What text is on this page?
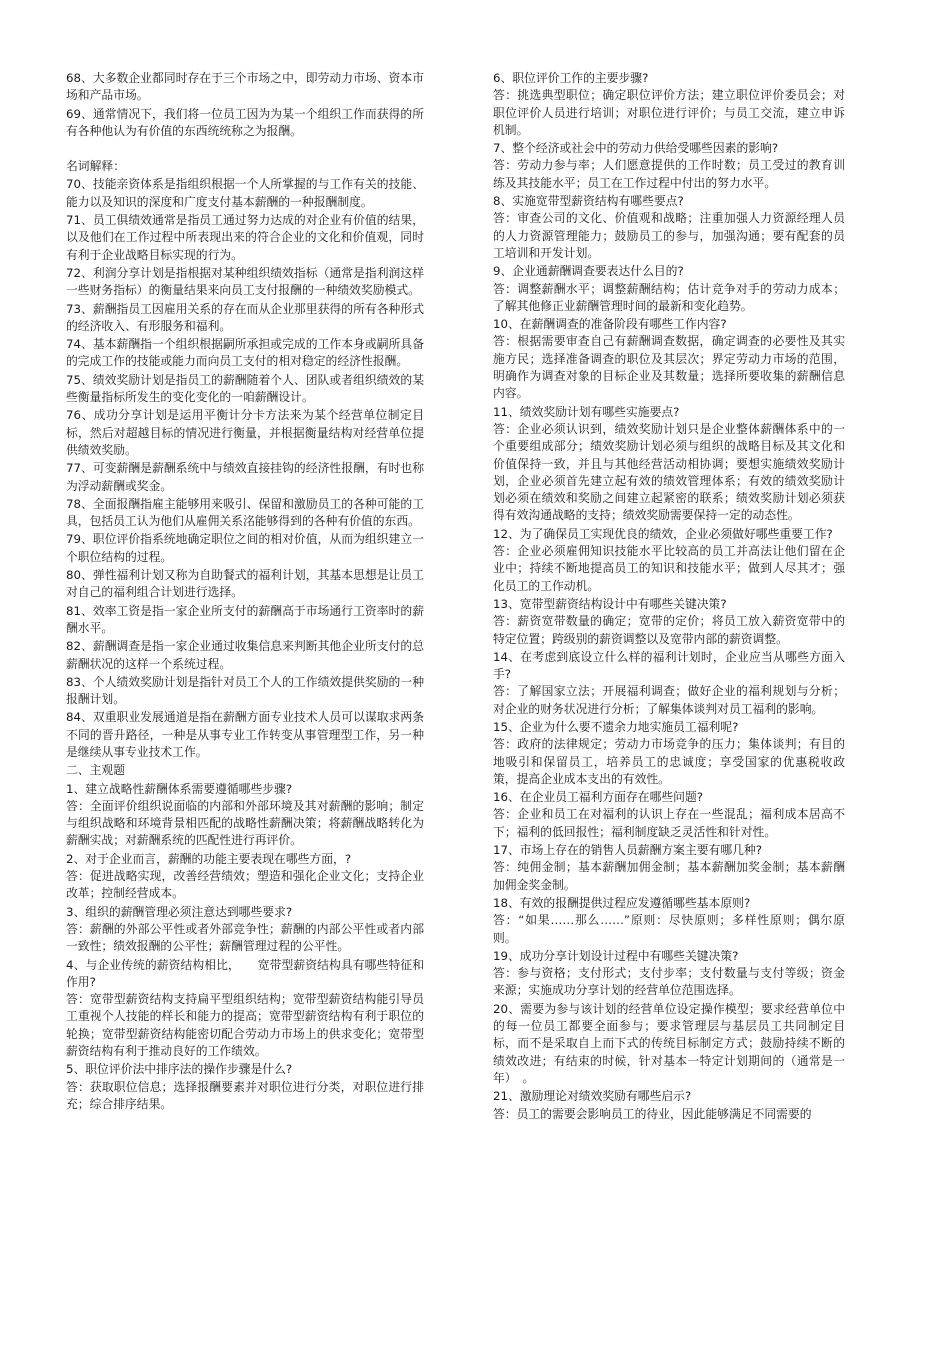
68、大多数企业都同时存在于三个市场之中，即劳动力市场、资本市场和产品市场。

69、通常情况下，我们将一位员工因为为某一个组织工作而获得的所有各种他认为有价值的东西统统称之为报酬。

名词解释：

70、技能亲资体系是指组织根据一个人所掌握的与工作有关的技能、能力以及知识的深度和广度支付基本薪酬的一种报酬制度。

71、员工俱绩效通常是指员工通过努力达成的对企业有价值的结果，以及他们在工作过程中所表现出来的符合企业的文化和价值观，同时有利于企业战略目标实现的行为。

72、利润分享计划是指根据对某种组织绩效指标（通常是指利润这样一些财务指标）的衡量结果来向员工支付报酬的一种绩效奖励模式。

73、薪酬指员工因雇用关系的存在而从企业那里获得的所有各种形式的经济收入、有形服务和福利。

74、基本薪酬指一个组织根据嗣所承担或完成的工作本身或嗣所具备的完成工作的技能或能力而向员工支付的相对稳定的经济性报酬。

75、绩效奖励计划是指员工的薪酬随着个人、团队或者组织绩效的某些衡量指标所发生的变化变化的一咱薪酬设计。

76、成功分享计划是运用平衡计分卡方法来为某个经营单位制定目标，然后对超越目标的情况进行衡量，并根据衡量结构对经营单位提供绩效奖励。

77、可变薪酬是薪酬系统中与绩效直接挂钩的经济性报酬，有时也称为浮动薪酬或奖金。

78、全面报酬指雇主能够用来吸引、保留和激励员工的各种可能的工具，包括员工认为他们从雇佣关系洺能够得到的各种有价值的东西。

79、职位评价指系统地确定职位之间的相对价值，从而为组织建立一个职位结构的过程。

80、弹性福利计划又称为自助餐式的福利计划，其基本思想是让员工对自己的福利组合计划进行选择。

81、效率工资是指一家企业所支付的薪酬高于市场通行工资率时的薪酬水平。

82、薪酬调查是指一家企业通过收集信息来判断其他企业所支付的总薪酬状况的这样一个系统过程。

83、个人绩效奖励计划是指针对员工个人的工作绩效提供奖励的一种报酬计划。

84、双重职业发展通道是指在薪酬方面专业技术人员可以谋取求两条不同的晋升路径，一种是从事专业工作转变从事管理型工作，另一种是继续从事专业技术工作。

二、主观题

1、建立战略性薪酬体系需要遵循哪些步骤?

答：全面评价组织说面临的内部和外部环境及其对薪酬的影响；制定与组织战略和环境背景相匹配的战略性薪酬决策；将薪酬战略转化为薪酬实战；对薪酬系统的匹配性进行再评价。

2、对于企业而言，薪酬的功能主要表现在哪些方面，?

答：促进战略实现，改善经营绩效；塑造和强化企业文化；支持企业改革；控制经营成本。

3、组织的薪酬管理必须注意达到哪些要求?

答：薪酬的外部公平性或者外部竞争性；薪酬的内部公平性或者内部一致性；绩效报酬的公平性；薪酬管理过程的公平性。

4、与企业传统的薪资结构相比，　　宽带型薪资结构具有哪些特征和作用?

答：宽带型薪资结构支持扁平型组织结构；宽带型薪资结构能引导员工重视个人技能的样长和能力的提高；宽带型薪资结构有利于职位的轮换；宽带型薪资结构能密切配合劳动力市场上的供求变化；宽带型薪资结构有利于推动良好的工作绩效。

5、职位评价法中排序法的操作步骤是什么?

答：获取职位信息；选择报酬要素并对职位进行分类，对职位进行排充；综合排序结果。

6、职位评价工作的主要步骤?

答：挑选典型职位；确定职位评价方法；建立职位评价委员会；对职位评价人员进行培训；对职位进行评价；与员工交流，建立申诉机制。

7、整个经济或社会中的劳动力供给受哪些因素的影响?

答：劳动力参与率；人们愿意提供的工作时数；员工受过的教育训练及其技能水平；员工在工作过程中付出的努力水平。

8、实施宽带型薪资结构有哪些要点?

答：审查公司的文化、价值观和战略；注重加强人力资源经理人员的人力资源管理能力；鼓励员工的参与，加强沟通；要有配套的员工培训和开发计划。

9、企业通薪酬调查要表达什么目的?

答：调整薪酬水平；调整薪酬结构；估计竞争对手的劳动力成本；了解其他修正业薪酬管理时间的最新和变化趋势。

10、在薪酬调查的准备阶段有哪些工作内容?

答：根据需要审查自己有薪酬调查数据，确定调查的必要性及其实施方民；选择准备调查的职位及其层次；界定劳动力市场的范围，明确作为调查对象的目标企业及其数量；选择所要收集的薪酬信息内容。

11、绩效奖励计划有哪些实施要点?

答：企业必须认识到，绩效奖励计划只是企业整体薪酬体系中的一个重要组成部分；绩效奖励计划必须与组织的战略目标及其文化和价值保持一致，并且与其他经营活动相协调；要想实施绩效奖励计划，企业必须首先建立起有效的绩效管理体系；有效的绩效奖励计划必须在绩效和奖励之间建立起紧密的联系；绩效奖励计划必须获得有效沟通战略的支持；绩效奖励需要保持一定的动态性。

12、为了确保员工实现优良的绩效，企业必须做好哪些重要工作?

答：企业必须雇佣知识技能水平比较高的员工并高法让他们留在企业中；持续不断地提高员工的知识和技能水平；做到人尽其才；强化员工的工作动机。

13、宽带型薪资结构设计中有哪些关键决策?

答：薪资宽带数量的确定；宽带的定价；将员工放入薪资宽带中的特定位置；跨级别的薪资调整以及宽带内部的薪资调整。

14、在考虑到底设立什么样的福利计划时，企业应当从哪些方面入手?

答：了解国家立法；开展福利调查；做好企业的福利规划与分析；对企业的财务状况进行分析；了解集体谈判对员工福利的影响。

15、企业为什么要不遗余力地实施员工福利呢?

答：政府的法律规定；劳动力市场竞争的压力；集体谈判；有目的地吸引和保留员工，培养员工的忠诚度；享受国家的优惠税收政策，提高企业成本支出的有效性。

16、在企业员工福利方面存在哪些问题?

答：企业和员工在对福利的认识上存在一些混乱；福利成本居高不下；福利的低回报性；福利制度缺乏灵活性和针对性。

17、市场上存在的销售人员薪酬方案主要有哪几种?

答：纯佣金制；基本薪酬加佣金制；基本薪酬加奖金制；基本薪酬加佣金奖金制。

18、有效的报酬提供过程应发遵循哪些基本原则?

答：“如果……那么……”原则：尽快原则；多样性原则；偶尔原则。

19、成功分享计划设计过程中有哪些关键决策?

答：参与资格；支付形式；支付步率；支付数量与支付等级；资金来源；实施成功分享计划的经营单位范围选择。

20、需要为参与该计划的经营单位设定操作模型；要求经营单位中的每一位员工都要全面参与；要求管理层与基层员工共同制定目标，而不是采取自上而下式的传统目标制定方式；鼓励持续不断的绩效改进；有结束的时候，针对基本一特定计划期间的（通常是一年）　。

21、激励理论对绩效奖励有哪些启示?

答：员工的需要会影响员工的待业，因此能够满足不同需要的
